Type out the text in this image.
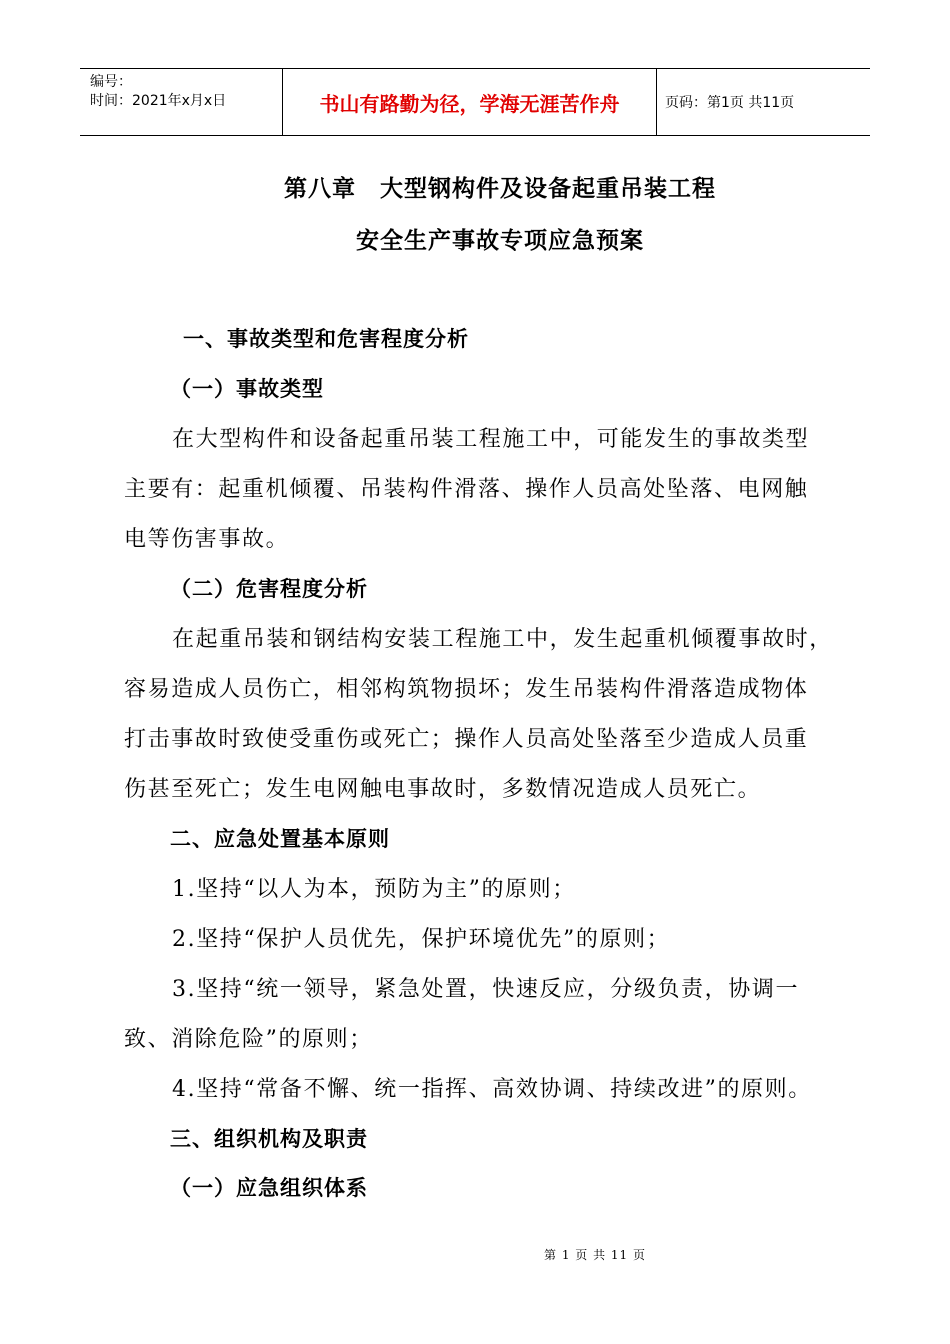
编号：
时间：2021年x月x日	书山有路勤为径，学海无涯苦作舟	页码：第1页 共11页
第八章　大型钢构件及设备起重吊装工程
安全生产事故专项应急预案
一、事故类型和危害程度分析
（一）事故类型
在大型构件和设备起重吊装工程施工中，可能发生的事故类型
主要有：起重机倾覆、吊装构件滑落、操作人员高处坠落、电网触
电等伤害事故。
（二）危害程度分析
在起重吊装和钢结构安装工程施工中，发生起重机倾覆事故时，
容易造成人员伤亡，相邻构筑物损坏；发生吊装构件滑落造成物体
打击事故时致使受重伤或死亡；操作人员高处坠落至少造成人员重
伤甚至死亡；发生电网触电事故时，多数情况造成人员死亡。
二、应急处置基本原则
1.坚持“以人为本，预防为主”的原则；
2.坚持“保护人员优先，保护环境优先”的原则；
3.坚持“统一领导，紧急处置，快速反应，分级负责，协调一
致、消除危险”的原则；
4.坚持“常备不懈、统一指挥、高效协调、持续改进”的原则。
三、组织机构及职责
（一）应急组织体系
第 1 页 共 11 页
